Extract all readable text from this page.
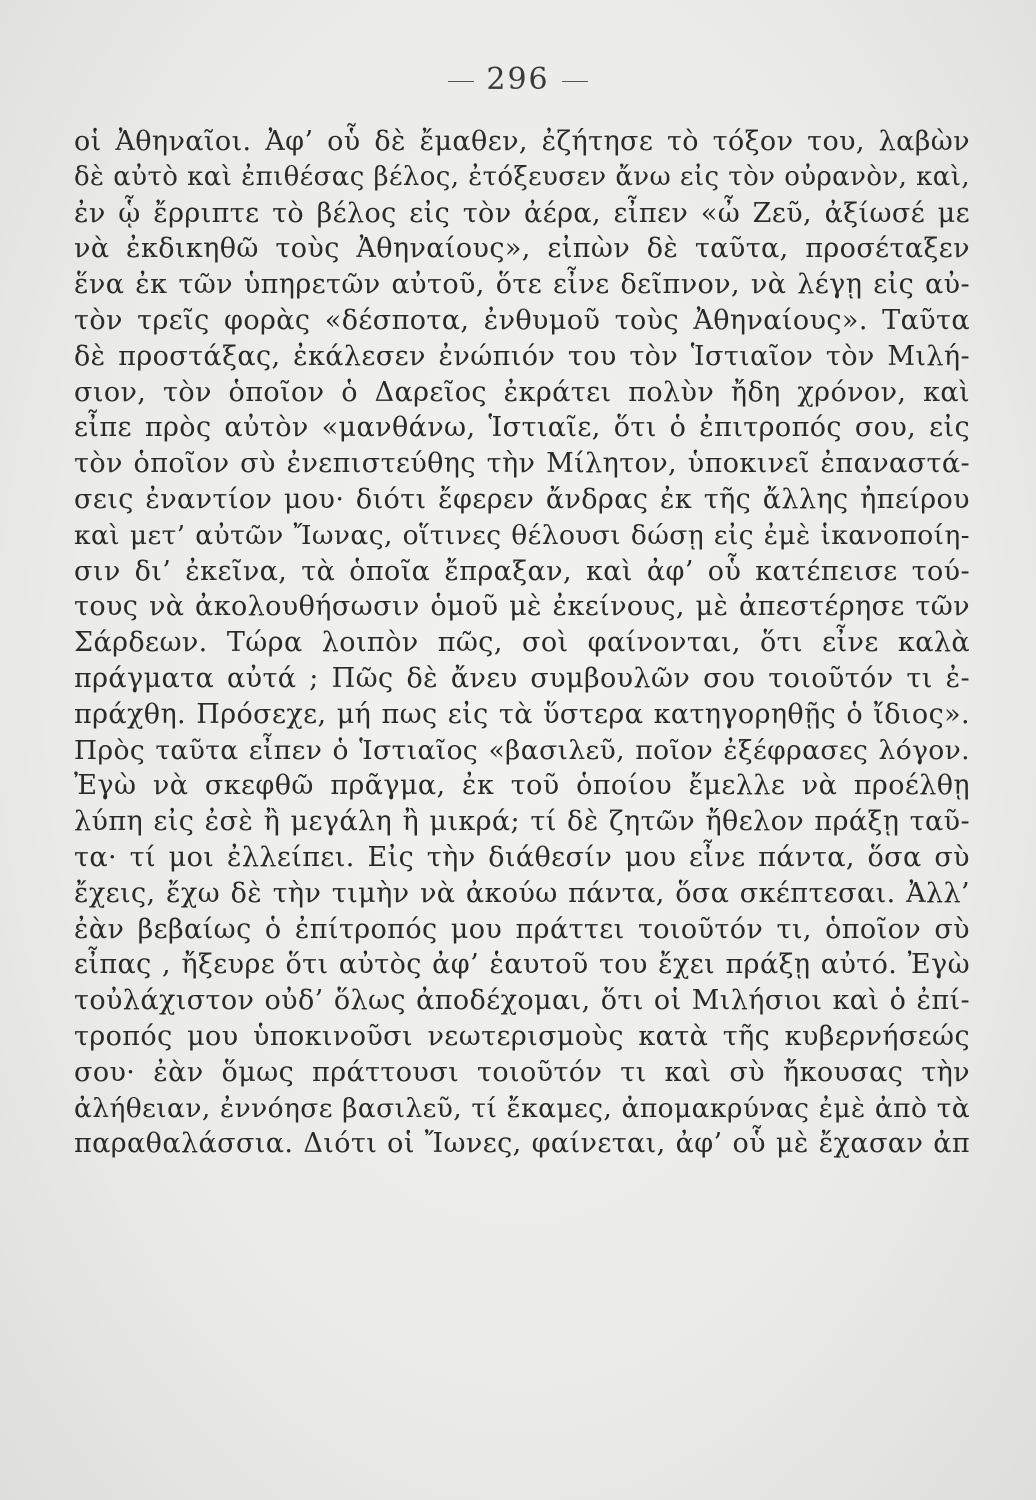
296
οἱ Ἀθηναῖοι. Ἀφ’ οὗ δὲ ἔμαθεν, ἐζήτησε τὸ τόξον του, λαβὼν
δὲ αὐτὸ καὶ ἐπιθέσας βέλος, ἐτόξευσεν ἄνω εἰς τὸν οὐρανὸν, καὶ,
ἐν ᾧ ἔρριπτε τὸ βέλος εἰς τὸν ἀέρα, εἶπεν «ὦ Ζεῦ, ἀξίωσέ με
νὰ ἐκδικηθῶ τοὺς Ἀθηναίους», εἰπὼν δὲ ταῦτα, προσέταξεν
ἕνα ἐκ τῶν ὑπηρετῶν αὐτοῦ, ὅτε εἶνε δεῖπνον, νὰ λέγῃ εἰς αὐ-
τὸν τρεῖς φορὰς «δέσποτα, ἐνθυμοῦ τοὺς Ἀθηναίους». Ταῦτα
δὲ προστάξας, ἐκάλεσεν ἐνώπιόν του τὸν Ἱστιαῖον τὸν Μιλή-
σιον, τὸν ὁποῖον ὁ Δαρεῖος ἐκράτει πολὺν ἤδη χρόνον, καὶ
εἶπε πρὸς αὐτὸν «μανθάνω, Ἱστιαῖε, ὅτι ὁ ἐπιτροπός σου, εἰς
τὸν ὁποῖον σὺ ἐνεπιστεύθης τὴν Μίλητον, ὑποκινεῖ ἐπαναστά-
σεις ἐναντίον μου· διότι ἔφερεν ἄνδρας ἐκ τῆς ἄλλης ἠπείρου
καὶ μετ’ αὐτῶν Ἴωνας, οἵτινες θέλουσι δώσῃ εἰς ἐμὲ ἱκανοποίη-
σιν δι’ ἐκεῖνα, τὰ ὁποῖα ἔπραξαν, καὶ ἀφ’ οὗ κατέπεισε τού-
τους νὰ ἀκολουθήσωσιν ὁμοῦ μὲ ἐκείνους, μὲ ἀπεστέρησε τῶν
Σάρδεων. Τώρα λοιπὸν πῶς, σοὶ φαίνονται, ὅτι εἶνε καλὰ
πράγματα αὐτά ; Πῶς δὲ ἄνευ συμβουλῶν σου τοιοῦτόν τι ἐ-
πράχθη. Πρόσεχε, μή πως εἰς τὰ ὕστερα κατηγορηθῇς ὁ ἴδιος».
Πρὸς ταῦτα εἶπεν ὁ Ἱστιαῖος «βασιλεῦ, ποῖον ἐξέφρασες λόγον.
Ἐγὼ νὰ σκεφθῶ πρᾶγμα, ἐκ τοῦ ὁποίου ἔμελλε νὰ προέλθῃ
λύπη εἰς ἐσὲ ἢ μεγάλη ἢ μικρά; τί δὲ ζητῶν ἤθελον πράξῃ ταῦ-
τα· τί μοι ἐλλείπει. Εἰς τὴν διάθεσίν μου εἶνε πάντα, ὅσα σὺ
ἔχεις, ἔχω δὲ τὴν τιμὴν νὰ ἀκούω πάντα, ὅσα σκέπτεσαι. Ἀλλ’
ἐὰν βεβαίως ὁ ἐπίτροπός μου πράττει τοιοῦτόν τι, ὁποῖον σὺ
εἶπας , ἤξευρε ὅτι αὐτὸς ἀφ’ ἑαυτοῦ του ἔχει πράξῃ αὐτό. Ἐγὼ
τοὐλάχιστον οὐδ’ ὅλως ἀποδέχομαι, ὅτι οἱ Μιλήσιοι καὶ ὁ ἐπί-
τροπός μου ὑποκινοῦσι νεωτερισμοὺς κατὰ τῆς κυβερνήσεώς
σου· ἐὰν ὅμως πράττουσι τοιοῦτόν τι καὶ σὺ ἤκουσας τὴν
ἀλήθειαν, ἐννόησε βασιλεῦ, τί ἔκαμες, ἀπομακρύνας ἐμὲ ἀπὸ τὰ
παραθαλάσσια. Διότι οἱ Ἴωνες, φαίνεται, ἀφ’ οὗ μὲ ἔχασαν ἀπ
